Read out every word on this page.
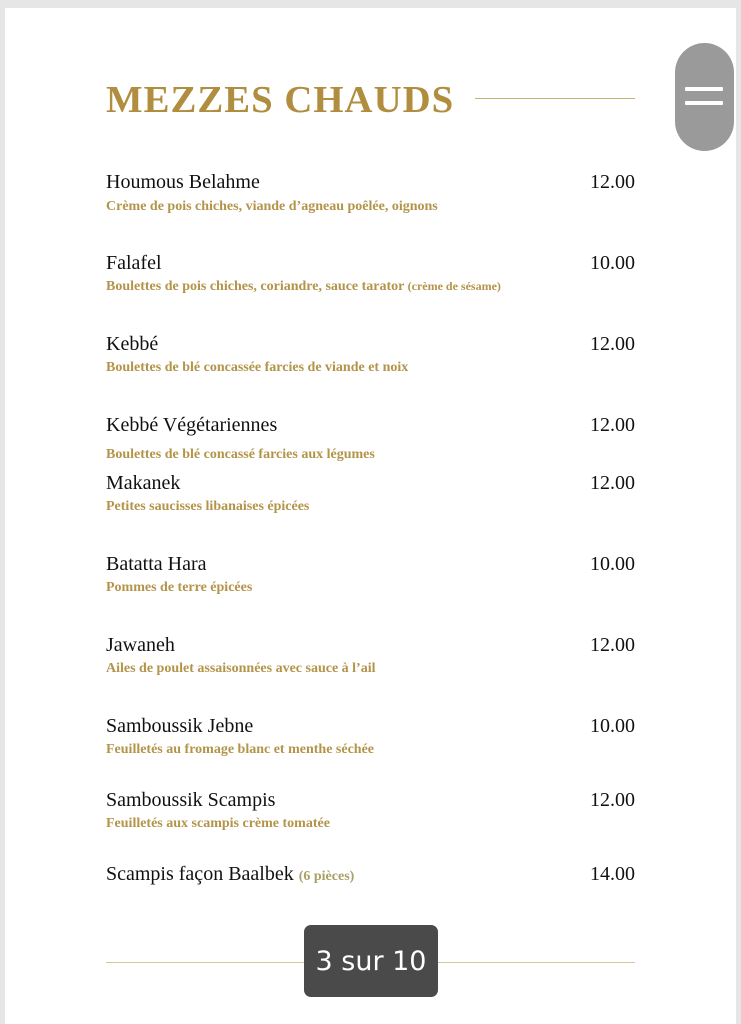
MEZZES CHAUDS
Houmous Belahme	12.00
Crème de pois chiches, viande d’agneau poêlée, oignons
Falafel	10.00
Boulettes de pois chiches, coriandre, sauce tarator (crème de sésame)
Kebbé	12.00
Boulettes de blé concassée farcies de viande et noix
Kebbé Végétariennes	12.00
Boulettes de blé concassé farcies aux légumes
Makanek	12.00
Petites saucisses libanaises épicées
Batatta Hara	10.00
Pommes de terre épicées
Jawaneh	12.00
Ailes de poulet assaisonnées avec sauce à l’ail
Samboussik Jebne	10.00
Feuilletés au fromage blanc et menthe séchée
Samboussik Scampis	12.00
Feuilletés aux scampis crème tomatée
Scampis façon Baalbek (6 pièces)	14.00
3 sur 10
